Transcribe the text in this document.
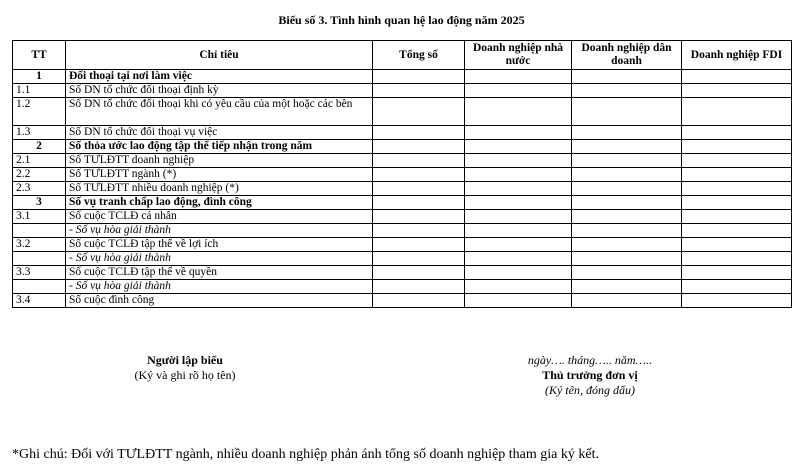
Biểu số 3. Tình hình quan hệ lao động năm 2025
TT	Chỉ tiêu	Tổng số	Doanh nghiệp nhà nước	Doanh nghiệp dân doanh	Doanh nghiệp FDI
1	Đối thoại tại nơi làm việc				
1.1	Số DN tổ chức đối thoại định kỳ				
1.2	Số DN tổ chức đối thoại khi có yêu cầu của một hoặc các bên				
1.3	Số DN tổ chức đối thoại vụ việc				
2	Số thỏa ước lao động tập thể tiếp nhận trong năm				
2.1	Số TƯLĐTT doanh nghiệp				
2.2	Số TƯLĐTT ngành (*)				
2.3	Số TƯLĐTT nhiều doanh nghiệp (*)				
3	Số vụ tranh chấp lao động, đình công				
3.1	Số cuộc TCLĐ cá nhân				
	- Số vụ hòa giải thành				
3.2	Số cuộc TCLĐ tập thể về lợi ích				
	- Số vụ hòa giải thành				
3.3	Số cuộc TCLĐ tập thể về quyền				
	- Số vụ hòa giải thành				
3.4	Số cuộc đình công				
Người lập biểu
(Ký và ghi rõ họ tên)
ngày…. tháng….. năm…..
Thủ trưởng đơn vị
(Ký tên, đóng dấu)
*Ghi chú: Đối với TƯLĐTT ngành, nhiều doanh nghiệp phản ánh tổng số doanh nghiệp tham gia ký kết.
